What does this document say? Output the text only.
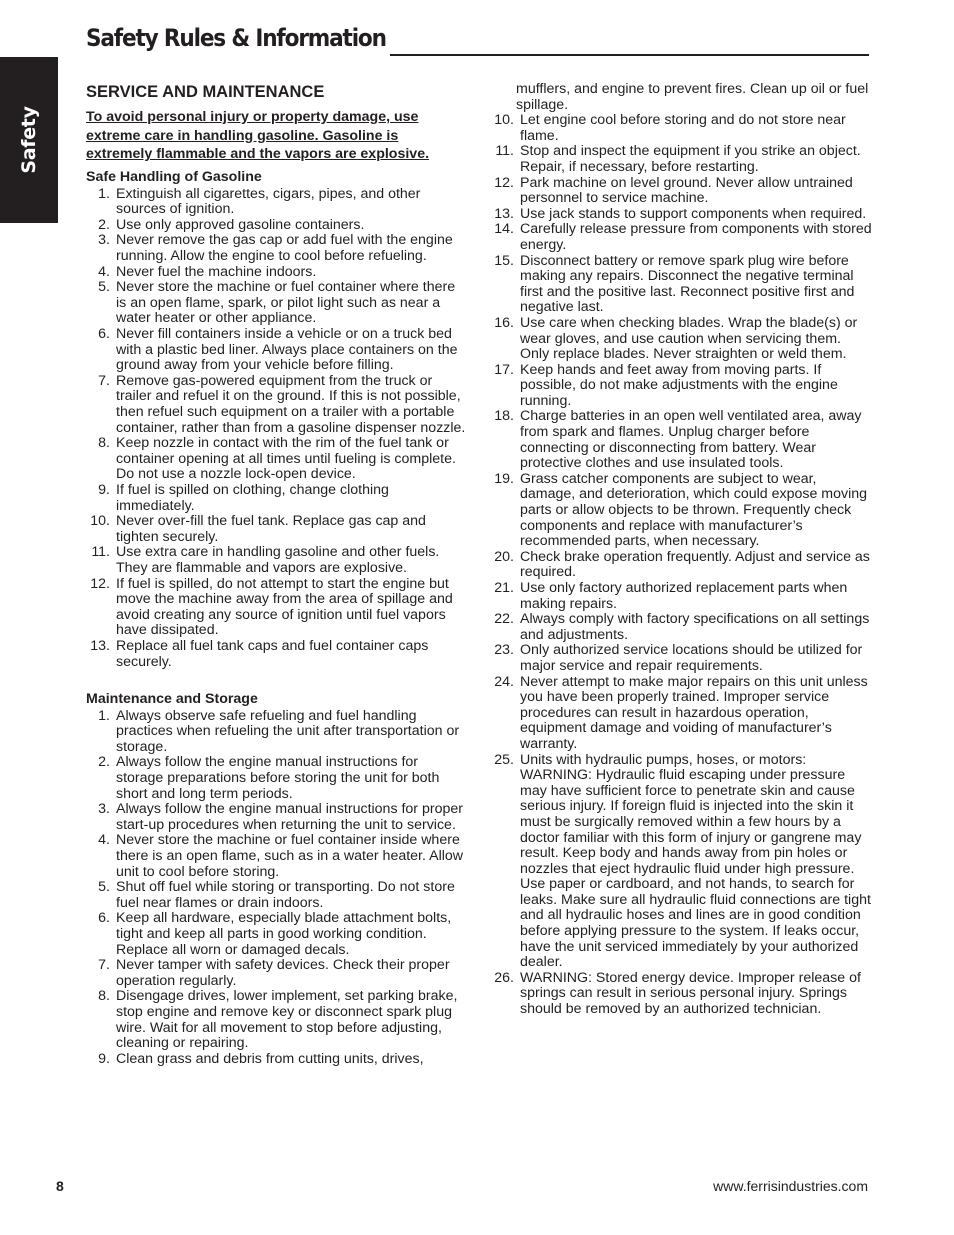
Safety Rules & Information
Safety
SERVICE AND MAINTENANCE
To avoid personal injury or property damage, use extreme care in handling gasoline. Gasoline is extremely flammable and the vapors are explosive.
Safe Handling of Gasoline
1. Extinguish all cigarettes, cigars, pipes, and other sources of ignition.
2. Use only approved gasoline containers.
3. Never remove the gas cap or add fuel with the engine running. Allow the engine to cool before refueling.
4. Never fuel the machine indoors.
5. Never store the machine or fuel container where there is an open flame, spark, or pilot light such as near a water heater or other appliance.
6. Never fill containers inside a vehicle or on a truck bed with a plastic bed liner. Always place containers on the ground away from your vehicle before filling.
7. Remove gas-powered equipment from the truck or trailer and refuel it on the ground. If this is not possible, then refuel such equipment on a trailer with a portable container, rather than from a gasoline dispenser nozzle.
8. Keep nozzle in contact with the rim of the fuel tank or container opening at all times until fueling is complete. Do not use a nozzle lock-open device.
9. If fuel is spilled on clothing, change clothing immediately.
10. Never over-fill the fuel tank. Replace gas cap and tighten securely.
11. Use extra care in handling gasoline and other fuels. They are flammable and vapors are explosive.
12. If fuel is spilled, do not attempt to start the engine but move the machine away from the area of spillage and avoid creating any source of ignition until fuel vapors have dissipated.
13. Replace all fuel tank caps and fuel container caps securely.
Maintenance and Storage
1. Always observe safe refueling and fuel handling practices when refueling the unit after transportation or storage.
2. Always follow the engine manual instructions for storage preparations before storing the unit for both short and long term periods.
3. Always follow the engine manual instructions for proper start-up procedures when returning the unit to service.
4. Never store the machine or fuel container inside where there is an open flame, such as in a water heater. Allow unit to cool before storing.
5. Shut off fuel while storing or transporting. Do not store fuel near flames or drain indoors.
6. Keep all hardware, especially blade attachment bolts, tight and keep all parts in good working condition. Replace all worn or damaged decals.
7. Never tamper with safety devices. Check their proper operation regularly.
8. Disengage drives, lower implement, set parking brake, stop engine and remove key or disconnect spark plug wire. Wait for all movement to stop before adjusting, cleaning or repairing.
9. Clean grass and debris from cutting units, drives,
mufflers, and engine to prevent fires. Clean up oil or fuel spillage.
10. Let engine cool before storing and do not store near flame.
11. Stop and inspect the equipment if you strike an object. Repair, if necessary, before restarting.
12. Park machine on level ground. Never allow untrained personnel to service machine.
13. Use jack stands to support components when required.
14. Carefully release pressure from components with stored energy.
15. Disconnect battery or remove spark plug wire before making any repairs. Disconnect the negative terminal first and the positive last. Reconnect positive first and negative last.
16. Use care when checking blades. Wrap the blade(s) or wear gloves, and use caution when servicing them. Only replace blades. Never straighten or weld them.
17. Keep hands and feet away from moving parts. If possible, do not make adjustments with the engine running.
18. Charge batteries in an open well ventilated area, away from spark and flames. Unplug charger before connecting or disconnecting from battery. Wear protective clothes and use insulated tools.
19. Grass catcher components are subject to wear, damage, and deterioration, which could expose moving parts or allow objects to be thrown. Frequently check components and replace with manufacturer’s recommended parts, when necessary.
20. Check brake operation frequently. Adjust and service as required.
21. Use only factory authorized replacement parts when making repairs.
22. Always comply with factory specifications on all settings and adjustments.
23. Only authorized service locations should be utilized for major service and repair requirements.
24. Never attempt to make major repairs on this unit unless you have been properly trained. Improper service procedures can result in hazardous operation, equipment damage and voiding of manufacturer’s warranty.
25. Units with hydraulic pumps, hoses, or motors: WARNING: Hydraulic fluid escaping under pressure may have sufficient force to penetrate skin and cause serious injury. If foreign fluid is injected into the skin it must be surgically removed within a few hours by a doctor familiar with this form of injury or gangrene may result. Keep body and hands away from pin holes or nozzles that eject hydraulic fluid under high pressure. Use paper or cardboard, and not hands, to search for leaks. Make sure all hydraulic fluid connections are tight and all hydraulic hoses and lines are in good condition before applying pressure to the system. If leaks occur, have the unit serviced immediately by your authorized dealer.
26. WARNING: Stored energy device. Improper release of springs can result in serious personal injury. Springs should be removed by an authorized technician.
8	www.ferrisindustries.com
